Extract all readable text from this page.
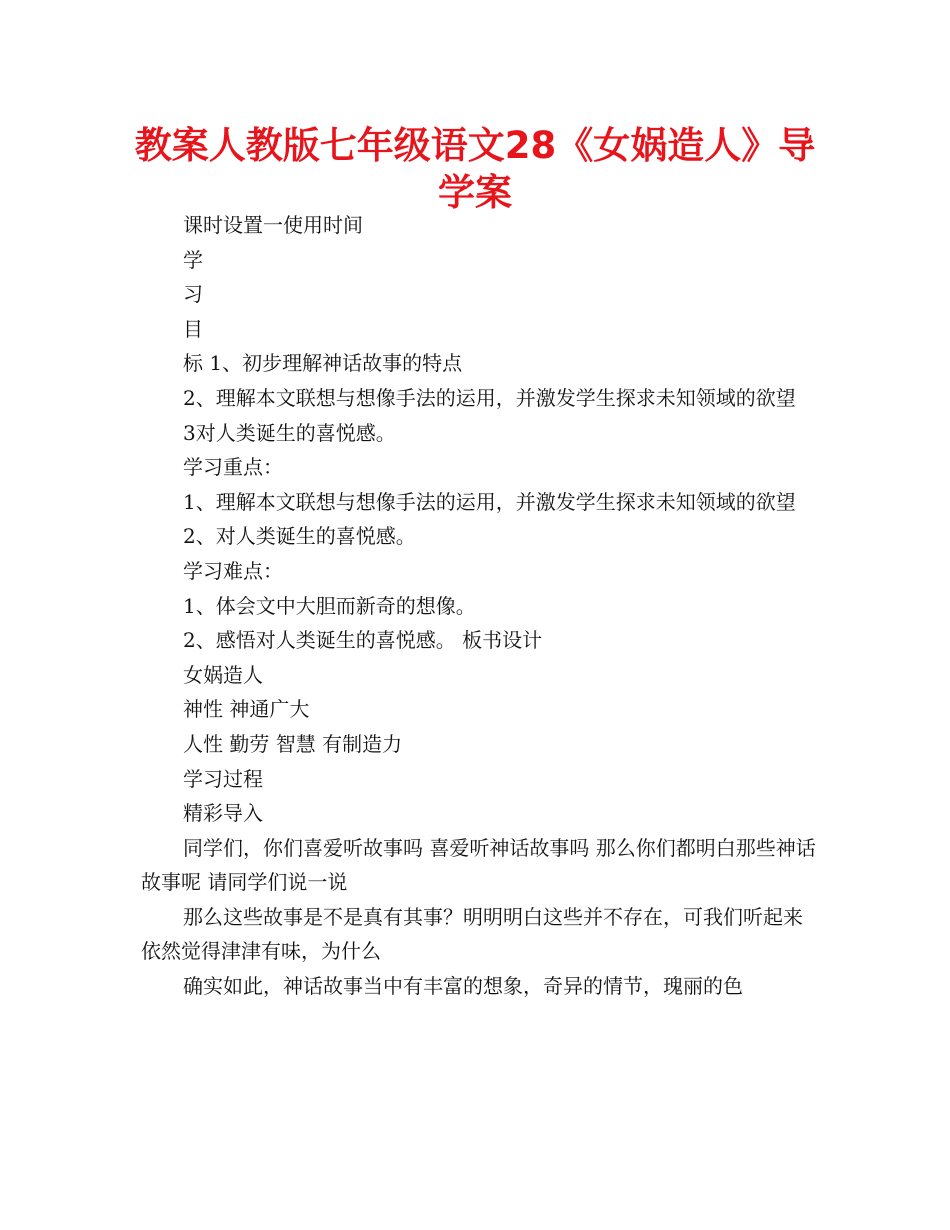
教案人教版七年级语文28《女娲造人》导学案

课时设置一使用时间

学

习

目

标 1、初步理解神话故事的特点

2、理解本文联想与想像手法的运用，并激发学生探求未知领域的欲望

3对人类诞生的喜悦感。

学习重点：

1、理解本文联想与想像手法的运用，并激发学生探求未知领域的欲望

2、对人类诞生的喜悦感。

学习难点：

1、体会文中大胆而新奇的想像。

2、感悟对人类诞生的喜悦感。 板书设计

女娲造人

神性 神通广大

人性 勤劳 智慧 有制造力

学习过程

精彩导入

同学们，你们喜爱听故事吗 喜爱听神话故事吗 那么你们都明白那些神话故事呢 请同学们说一说

那么这些故事是不是真有其事？明明明白这些并不存在，可我们听起来依然觉得津津有味，为什么

确实如此，神话故事当中有丰富的想象，奇异的情节，瑰丽的色
